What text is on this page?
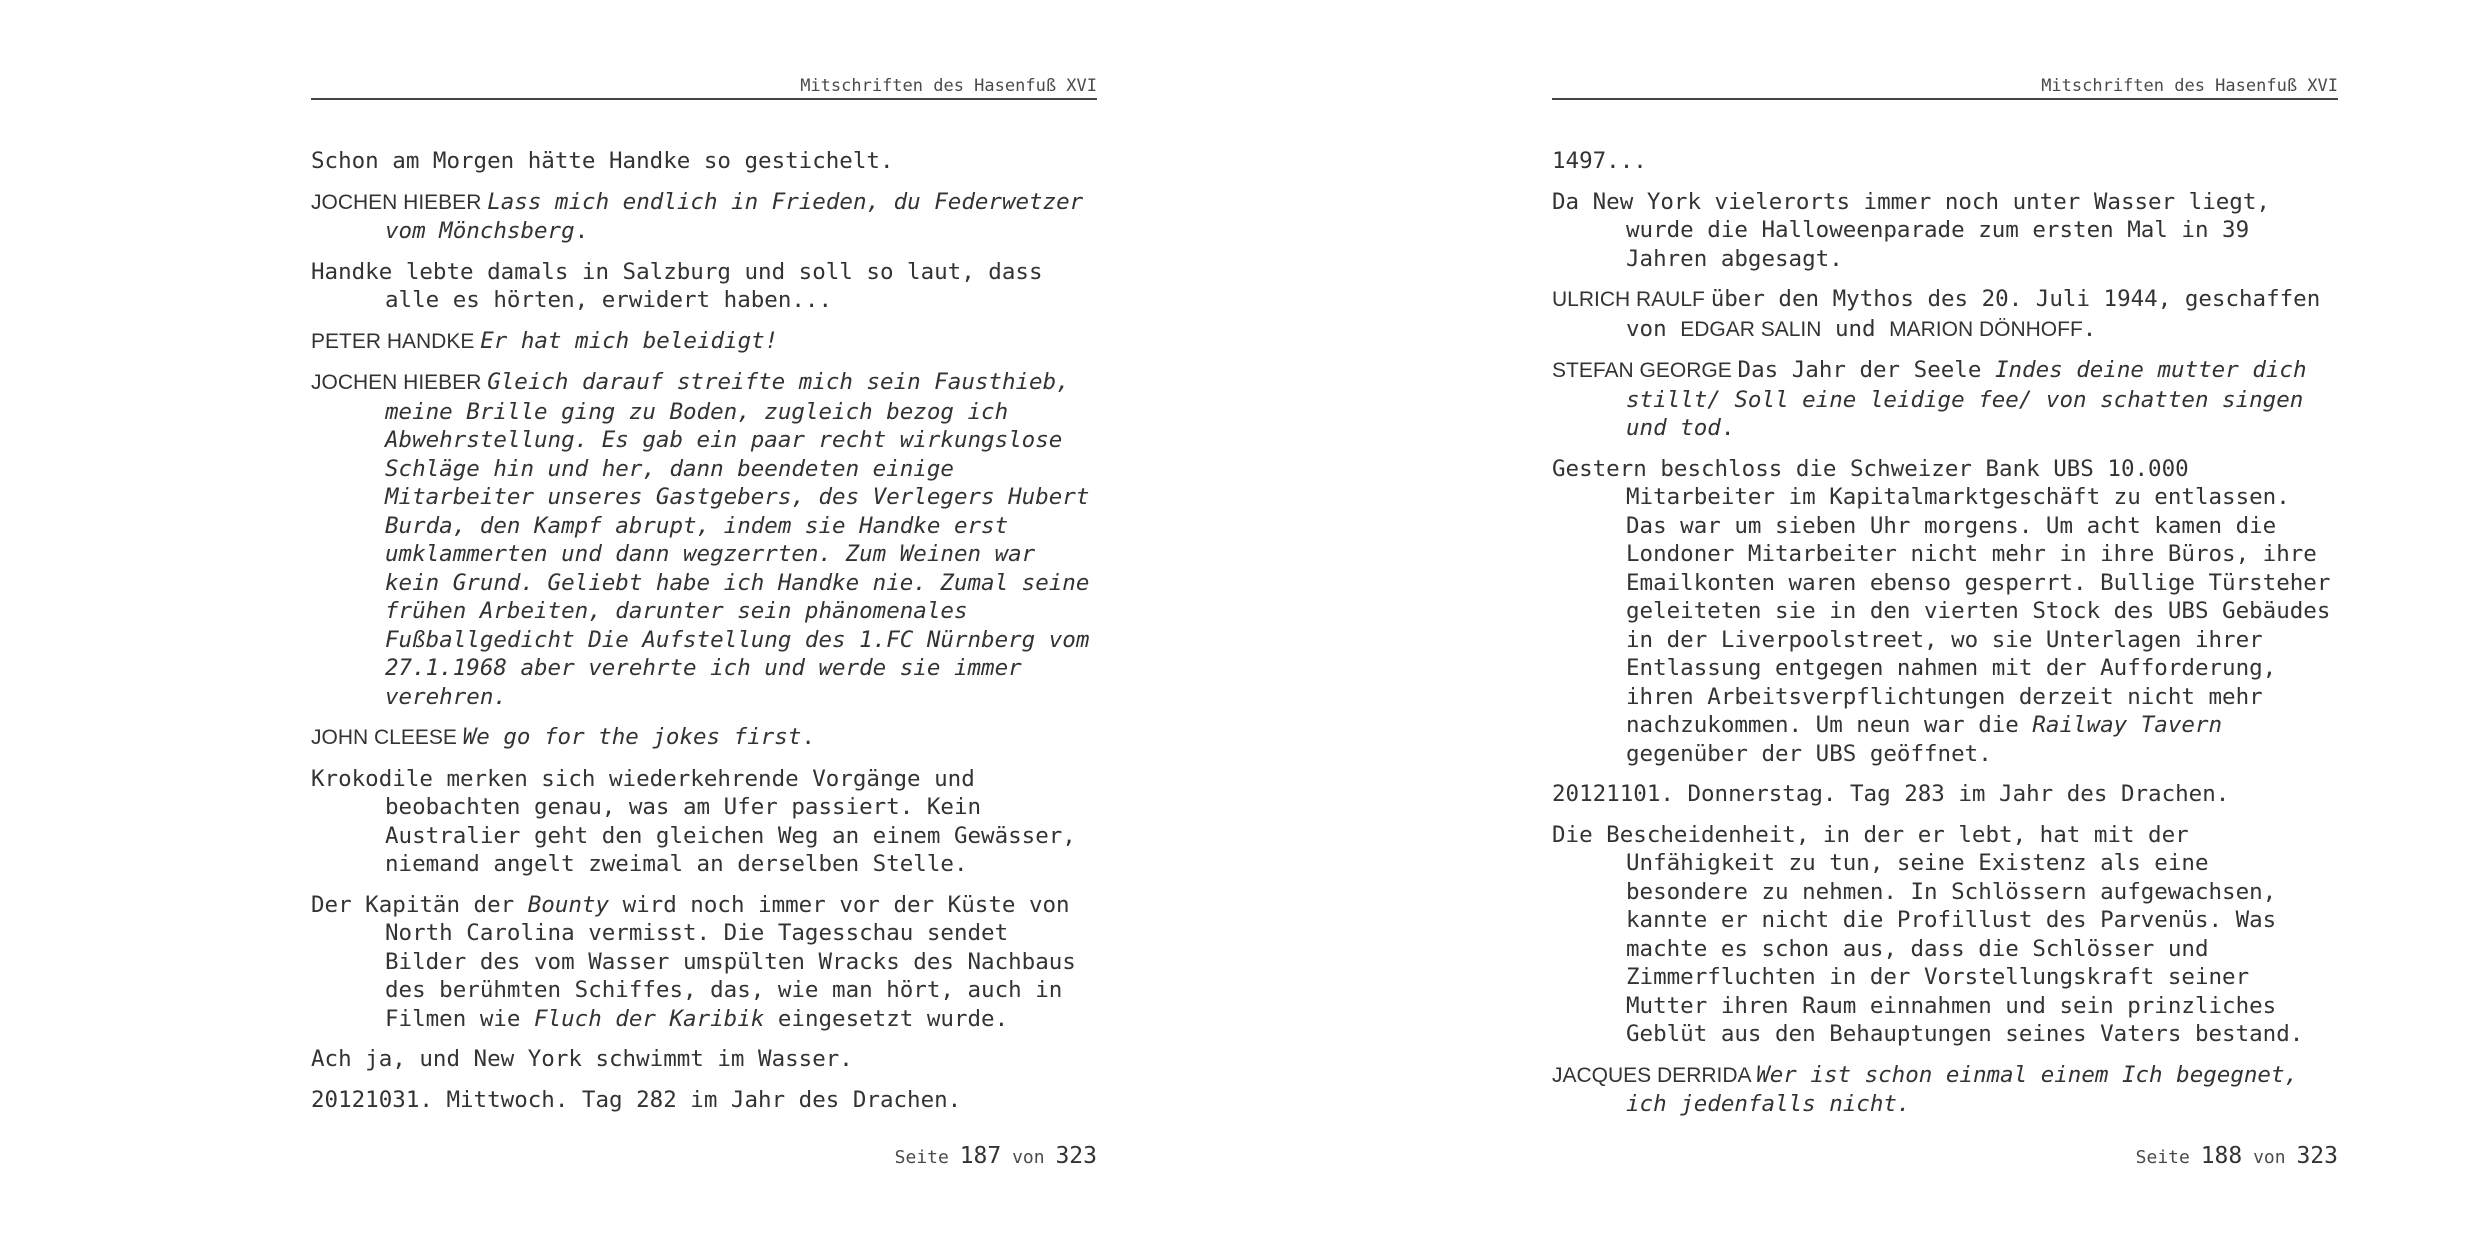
Mitschriften des Hasenfuß XVI

Schon am Morgen hätte Handke so gestichelt.

JOCHEN HIEBER Lass mich endlich in Frieden, du Federwetzer vom Mönchsberg.

Handke lebte damals in Salzburg und soll so laut, dass alle es hörten, erwidert haben...

PETER HANDKE Er hat mich beleidigt!

JOCHEN HIEBER Gleich darauf streifte mich sein Fausthieb, meine Brille ging zu Boden, zugleich bezog ich Abwehrstellung. Es gab ein paar recht wirkungslose Schläge hin und her, dann beendeten einige Mitarbeiter unseres Gastgebers, des Verlegers Hubert Burda, den Kampf abrupt, indem sie Handke erst umklammerten und dann wegzerrten. Zum Weinen war kein Grund. Geliebt habe ich Handke nie. Zumal seine frühen Arbeiten, darunter sein phänomenales Fußballgedicht Die Aufstellung des 1.FC Nürnberg vom 27.1.1968 aber verehrte ich und werde sie immer verehren.

JOHN CLEESE We go for the jokes first.

Krokodile merken sich wiederkehrende Vorgänge und beobachten genau, was am Ufer passiert. Kein Australier geht den gleichen Weg an einem Gewässer, niemand angelt zweimal an derselben Stelle.

Der Kapitän der Bounty wird noch immer vor der Küste von North Carolina vermisst. Die Tagesschau sendet Bilder des vom Wasser umspülten Wracks des Nachbaus des berühmten Schiffes, das, wie man hört, auch in Filmen wie Fluch der Karibik eingesetzt wurde.

Ach ja, und New York schwimmt im Wasser.

20121031. Mittwoch. Tag 282 im Jahr des Drachen.

Seite 187 von 323
Mitschriften des Hasenfuß XVI

1497...

Da New York vielerorts immer noch unter Wasser liegt, wurde die Halloweenparade zum ersten Mal in 39 Jahren abgesagt.

ULRICH RAULF über den Mythos des 20. Juli 1944, geschaffen von EDGAR SALIN und MARION DÖNHOFF.

STEFAN GEORGE Das Jahr der Seele Indes deine mutter dich stillt/ Soll eine leidige fee/ von schatten singen und tod.

Gestern beschloss die Schweizer Bank UBS 10.000 Mitarbeiter im Kapitalmarktgeschäft zu entlassen. Das war um sieben Uhr morgens. Um acht kamen die Londoner Mitarbeiter nicht mehr in ihre Büros, ihre Emailkonten waren ebenso gesperrt. Bullige Türsteher geleiteten sie in den vierten Stock des UBS Gebäudes in der Liverpoolstreet, wo sie Unterlagen ihrer Entlassung entgegen nahmen mit der Aufforderung, ihren Arbeitsverpflichtungen derzeit nicht mehr nachzukommen. Um neun war die Railway Tavern gegenüber der UBS geöffnet.

20121101. Donnerstag. Tag 283 im Jahr des Drachen.

Die Bescheidenheit, in der er lebt, hat mit der Unfähigkeit zu tun, seine Existenz als eine besondere zu nehmen. In Schlössern aufgewachsen, kannte er nicht die Profillust des Parvenüs. Was machte es schon aus, dass die Schlösser und Zimmerfluchten in der Vorstellungskraft seiner Mutter ihren Raum einnahmen und sein prinzliches Geblüt aus den Behauptungen seines Vaters bestand.

JACQUES DERRIDA Wer ist schon einmal einem Ich begegnet, ich jedenfalls nicht.

Seite 188 von 323
